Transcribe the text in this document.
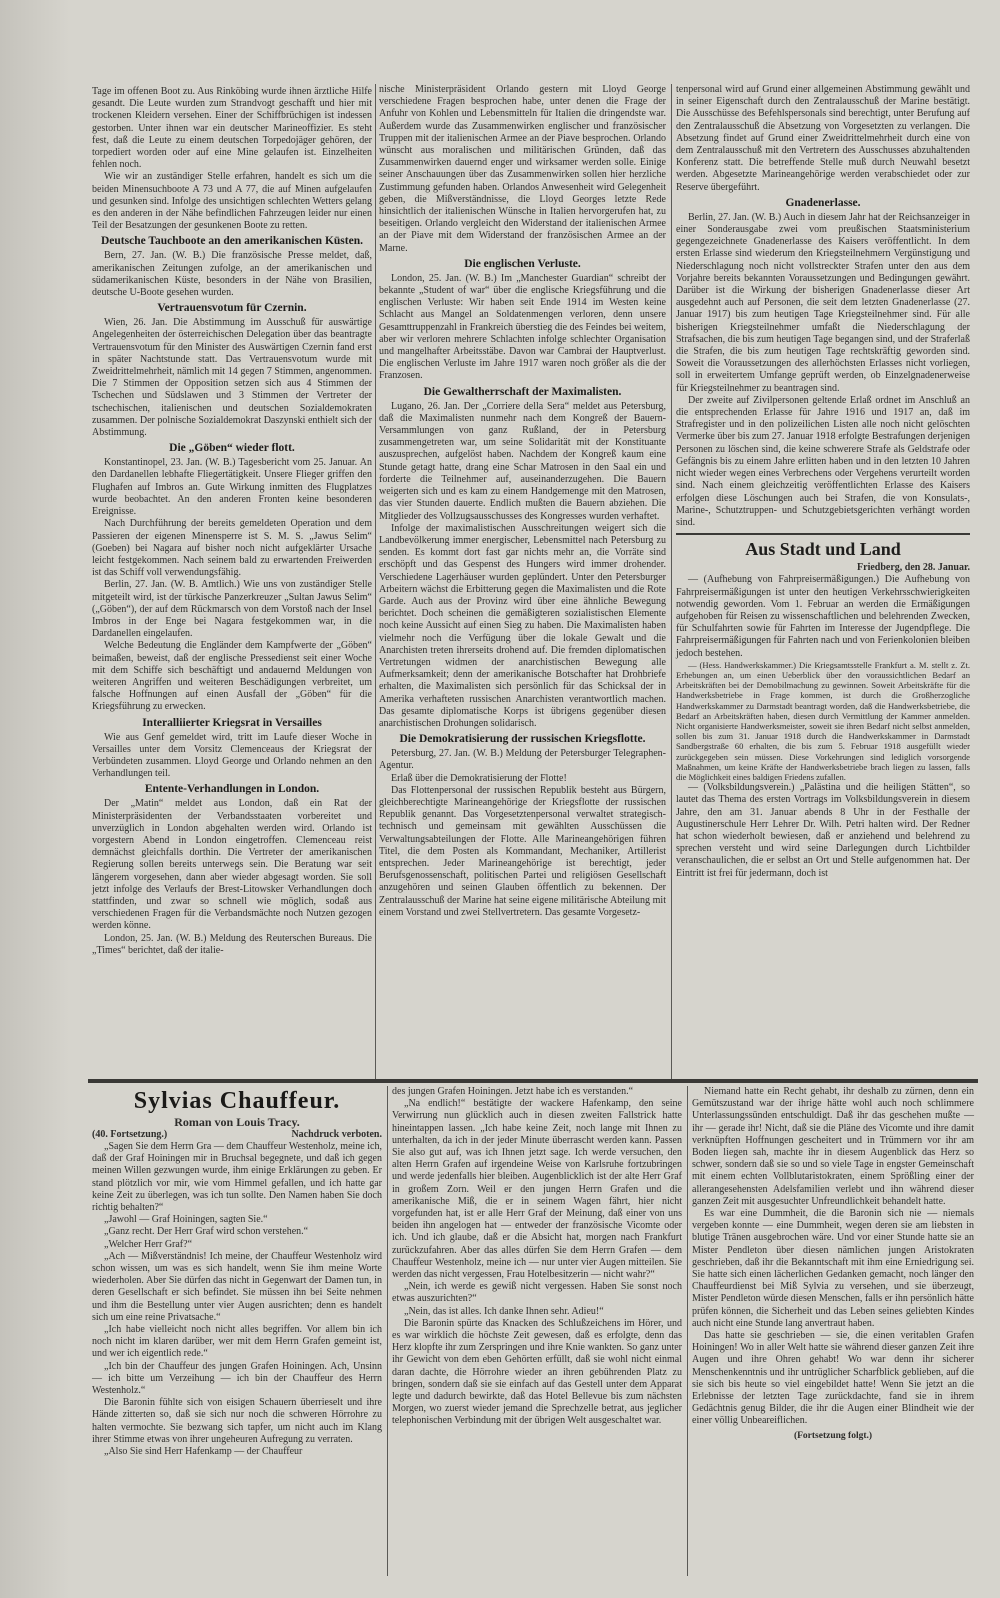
Tage im offenen Boot zu. Aus Rinköbing wurde ihnen ärztliche Hilfe gesandt. Die Leute wurden zum Strandvogt geschafft und hier mit trockenen Kleidern versehen. Einer der Schiffbrüchigen ist indessen gestorben. Unter ihnen war ein deutscher Marineoffizier. Es steht fest, daß die Leute zu einem deutschen Torpedojäger gehören, der torpediert worden oder auf eine Mine gelaufen ist. Einzelheiten fehlen noch.

Wie wir an zuständiger Stelle erfahren, handelt es sich um die beiden Minensuchboote A 73 und A 77, die auf Minen aufgelaufen und gesunken sind. Infolge des unsichtigen schlechten Wetters gelang es den anderen in der Nähe befindlichen Fahrzeugen leider nur einen Teil der Besatzungen der gesunkenen Boote zu retten.

Deutsche Tauchboote an den amerikanischen Küsten.

Bern, 27. Jan. (W. B.) Die französische Presse meldet, daß, amerikanischen Zeitungen zufolge, an der amerikanischen und südamerikanischen Küste, besonders in der Nähe von Brasilien, deutsche U-Boote gesehen wurden.

Vertrauensvotum für Czernin.

Wien, 26. Jan. Die Abstimmung im Ausschuß für auswärtige Angelegenheiten der österreichischen Delegation über das beantragte Vertrauensvotum für den Minister des Auswärtigen Czernin fand erst in später Nachtstunde statt. Das Vertrauensvotum wurde mit Zweidrittelmehrheit, nämlich mit 14 gegen 7 Stimmen, angenommen. Die 7 Stimmen der Opposition setzen sich aus 4 Stimmen der Tschechen und Südslawen und 3 Stimmen der Vertreter der tschechischen, italienischen und deutschen Sozialdemokraten zusammen. Der polnische Sozialdemokrat Daszynski enthielt sich der Abstimmung.

Die „Göben“ wieder flott.

Konstantinopel, 23. Jan. (W. B.) Tagesbericht vom 25. Januar. An den Dardanellen lebhafte Fliegertätigkeit. Unsere Flieger griffen den Flughafen auf Imbros an. Gute Wirkung inmitten des Flugplatzes wurde beobachtet. An den anderen Fronten keine besonderen Ereignisse.

Nach Durchführung der bereits gemeldeten Operation und dem Passieren der eigenen Minensperre ist S. M. S. „Jawus Selim“ (Goeben) bei Nagara auf bisher noch nicht aufgeklärter Ursache leicht festgekommen. Nach seinem bald zu erwartenden Freiwerden ist das Schiff voll verwendungsfähig.

Berlin, 27. Jan. (W. B. Amtlich.) Wie uns von zuständiger Stelle mitgeteilt wird, ist der türkische Panzerkreuzer „Sultan Jawus Selim“ („Göben“), der auf dem Rückmarsch von dem Vorstoß nach der Insel Imbros in der Enge bei Nagara festgekommen war, in die Dardanellen eingelaufen.

Welche Bedeutung die Engländer dem Kampfwerte der „Göben“ beimaßen, beweist, daß der englische Pressedienst seit einer Woche mit dem Schiffe sich beschäftigt und andauernd Meldungen von weiteren Angriffen und weiteren Beschädigungen verbreitet, um falsche Hoffnungen auf einen Ausfall der „Göben“ für die Kriegsführung zu erwecken.

Interalliierter Kriegsrat in Versailles

Wie aus Genf gemeldet wird, tritt im Laufe dieser Woche in Versailles unter dem Vorsitz Clemenceaus der Kriegsrat der Verbündeten zusammen. Lloyd George und Orlando nehmen an den Verhandlungen teil.

Entente-Verhandlungen in London.

Der „Matin“ meldet aus London, daß ein Rat der Ministerpräsidenten der Verbandsstaaten vorbereitet und unverzüglich in London abgehalten werden wird. Orlando ist vorgestern Abend in London eingetroffen. Clemenceau reist demnächst gleichfalls dorthin. Die Vertreter der amerikanischen Regierung sollen bereits unterwegs sein. Die Beratung war seit längerem vorgesehen, dann aber wieder abgesagt worden. Sie soll jetzt infolge des Verlaufs der Brest-Litowsker Verhandlungen doch stattfinden, und zwar so schnell wie möglich, sodaß aus verschiedenen Fragen für die Verbandsmächte noch Nutzen gezogen werden könne.

London, 25. Jan. (W. B.) Meldung des Reuterschen Bureaus. Die „Times“ berichtet, daß der italie-

nische Ministerpräsident Orlando gestern mit Lloyd George verschiedene Fragen besprochen habe, unter denen die Frage der Anfuhr von Kohlen und Lebensmitteln für Italien die dringendste war. Außerdem wurde das Zusammenwirken englischer und französischer Truppen mit der italienischen Armee an der Piave besprochen. Orlando wünscht aus moralischen und militärischen Gründen, daß das Zusammenwirken dauernd enger und wirksamer werden solle. Einige seiner Anschauungen über das Zusammenwirken sollen hier herzliche Zustimmung gefunden haben. Orlandos Anwesenheit wird Gelegenheit geben, die Mißverständnisse, die Lloyd Georges letzte Rede hinsichtlich der italienischen Wünsche in Italien hervorgerufen hat, zu beseitigen. Orlando vergleicht den Widerstand der italienischen Armee an der Piave mit dem Widerstand der französischen Armee an der Marne.

Die englischen Verluste.

London, 25. Jan. (W. B.) Im „Manchester Guardian“ schreibt der bekannte „Student of war“ über die englische Kriegsführung und die englischen Verluste: Wir haben seit Ende 1914 im Westen keine Schlacht aus Mangel an Soldatenmengen verloren, denn unsere Gesamttruppenzahl in Frankreich überstieg die des Feindes bei weitem, aber wir verloren mehrere Schlachten infolge schlechter Organisation und mangelhafter Arbeitsstäbe. Davon war Cambrai der Hauptverlust. Die englischen Verluste im Jahre 1917 waren noch größer als die der Franzosen.

Die Gewaltherrschaft der Maximalisten.

Lugano, 26. Jan. Der „Corriere della Sera“ meldet aus Petersburg, daß die Maximalisten nunmehr nach dem Kongreß der Bauern-Versammlungen von ganz Rußland, der in Petersburg zusammengetreten war, um seine Solidarität mit der Konstituante auszusprechen, aufgelöst haben. Nachdem der Kongreß kaum eine Stunde getagt hatte, drang eine Schar Matrosen in den Saal ein und forderte die Teilnehmer auf, auseinanderzugehen. Die Bauern weigerten sich und es kam zu einem Handgemenge mit den Matrosen, das vier Stunden dauerte. Endlich mußten die Bauern abziehen. Die Mitglieder des Vollzugsausschusses des Kongresses wurden verhaftet.

Infolge der maximalistischen Ausschreitungen weigert sich die Landbevölkerung immer energischer, Lebensmittel nach Petersburg zu senden. Es kommt dort fast gar nichts mehr an, die Vorräte sind erschöpft und das Gespenst des Hungers wird immer drohender. Verschiedene Lagerhäuser wurden geplündert. Unter den Petersburger Arbeitern wächst die Erbitterung gegen die Maximalisten und die Rote Garde. Auch aus der Provinz wird über eine ähnliche Bewegung berichtet. Doch scheinen die gemäßigteren sozialistischen Elemente noch keine Aussicht auf einen Sieg zu haben. Die Maximalisten haben vielmehr noch die Verfügung über die lokale Gewalt und die Anarchisten treten ihrerseits drohend auf. Die fremden diplomatischen Vertretungen widmen der anarchistischen Bewegung alle Aufmerksamkeit; denn der amerikanische Botschafter hat Drohbriefe erhalten, die Maximalisten sich persönlich für das Schicksal der in Amerika verhafteten russischen Anarchisten verantwortlich machen. Das gesamte diplomatische Korps ist übrigens gegenüber diesen anarchistischen Drohungen solidarisch.

Die Demokratisierung der russischen Kriegsflotte.

Petersburg, 27. Jan. (W. B.) Meldung der Petersburger Telegraphen-Agentur.

Erlaß über die Demokratisierung der Flotte!

Das Flottenpersonal der russischen Republik besteht aus Bürgern, gleichberechtigte Marineangehörige der Kriegsflotte der russischen Republik genannt. Das Vorgesetztenpersonal verwaltet strategisch-technisch und gemeinsam mit gewählten Ausschüssen die Verwaltungsabteilungen der Flotte. Alle Marineangehörigen führen Titel, die dem Posten als Kommandant, Mechaniker, Artillerist entsprechen. Jeder Marineangehörige ist berechtigt, jeder Berufsgenossenschaft, politischen Partei und religiösen Gesellschaft anzugehören und seinen Glauben öffentlich zu bekennen. Der Zentralausschuß der Marine hat seine eigene militärische Abteilung mit einem Vorstand und zwei Stellvertretern. Das gesamte Vorgesetz-

tenpersonal wird auf Grund einer allgemeinen Abstimmung gewählt und in seiner Eigenschaft durch den Zentralausschuß der Marine bestätigt. Die Ausschüsse des Befehlspersonals sind berechtigt, unter Berufung auf den Zentralausschuß die Absetzung von Vorgesetzten zu verlangen. Die Absetzung findet auf Grund einer Zweidrittelmehrheit durch eine von dem Zentralausschuß mit den Vertretern des Ausschusses abzuhaltenden Konferenz statt. Die betreffende Stelle muß durch Neuwahl besetzt werden. Abgesetzte Marineangehörige werden verabschiedet oder zur Reserve übergeführt.

Gnadenerlasse.

Berlin, 27. Jan. (W. B.) Auch in diesem Jahr hat der Reichsanzeiger in einer Sonderausgabe zwei vom preußischen Staatsministerium gegengezeichnete Gnadenerlasse des Kaisers veröffentlicht. In dem ersten Erlasse sind wiederum den Kriegsteilnehmern Vergünstigung und Niederschlagung noch nicht vollstreckter Strafen unter den aus dem Vorjahre bereits bekannten Voraussetzungen und Bedingungen gewährt. Darüber ist die Wirkung der bisherigen Gnadenerlasse dieser Art ausgedehnt auch auf Personen, die seit dem letzten Gnadenerlasse (27. Januar 1917) bis zum heutigen Tage Kriegsteilnehmer sind. Für alle bisherigen Kriegsteilnehmer umfaßt die Niederschlagung der Strafsachen, die bis zum heutigen Tage begangen sind, und der Straferlaß die Strafen, die bis zum heutigen Tage rechtskräftig geworden sind. Soweit die Voraussetzungen des allerhöchsten Erlasses nicht vorliegen, soll in erweitertem Umfange geprüft werden, ob Einzelgnadenerweise für Kriegsteilnehmer zu beantragen sind.

Der zweite auf Zivilpersonen geltende Erlaß ordnet im Anschluß an die entsprechenden Erlasse für Jahre 1916 und 1917 an, daß im Strafregister und in den polizeilichen Listen alle noch nicht gelöschten Vermerke über bis zum 27. Januar 1918 erfolgte Bestrafungen derjenigen Personen zu löschen sind, die keine schwerere Strafe als Geldstrafe oder Gefängnis bis zu einem Jahre erlitten haben und in den letzten 10 Jahren nicht wieder wegen eines Verbrechens oder Vergehens verurteilt worden sind. Nach einem gleichzeitig veröffentlichten Erlasse des Kaisers erfolgen diese Löschungen auch bei Strafen, die von Konsulats-, Marine-, Schutztruppen- und Schutzgebietsgerichten verhängt worden sind.

Aus Stadt und Land
Friedberg, den 28. Januar.

— (Aufhebung von Fahrpreisermäßigungen.) Die Aufhebung von Fahrpreisermäßigungen ist unter den heutigen Verkehrsschwierigkeiten notwendig geworden. Vom 1. Februar an werden die Ermäßigungen aufgehoben für Reisen zu wissenschaftlichen und belehrenden Zwecken, für Schulfahrten sowie für Fahrten im Interesse der Jugendpflege. Die Fahrpreisermäßigungen für Fahrten nach und von Ferienkolonien bleiben jedoch bestehen.

— (Hess. Handwerkskammer.) Die Kriegsamtsstelle Frankfurt a. M. stellt z. Zt. Erhebungen an, um einen Ueberblick über den voraussichtlichen Bedarf an Arbeitskräften bei der Demobilmachung zu gewinnen. Soweit Arbeitskräfte für die Handwerksbetriebe in Frage kommen, ist durch die Großherzogliche Handwerkskammer zu Darmstadt beantragt worden, daß die Handwerksbetriebe, die Bedarf an Arbeitskräften haben, diesen durch Vermittlung der Kammer anmelden. Nicht organisierte Handwerksmeister, soweit sie ihren Bedarf nicht selbst anmelden, sollen bis zum 31. Januar 1918 durch die Handwerkskammer in Darmstadt Sandbergstraße 60 erhalten, die bis zum 5. Februar 1918 ausgefüllt wieder zurückgegeben sein müssen. Diese Vorkehrungen sind lediglich vorsorgende Maßnahmen, um keine Kräfte der Handwerksbetriebe brach liegen zu lassen, falls die Möglichkeit eines baldigen Friedens zufallen.

— (Volksbildungsverein.) „Palästina und die heiligen Stätten“, so lautet das Thema des ersten Vortrags im Volksbildungsverein in diesem Jahre, den am 31. Januar abends 8 Uhr in der Festhalle der Augustinerschule Herr Lehrer Dr. Wilh. Petri halten wird. Der Redner hat schon wiederholt bewiesen, daß er anziehend und belehrend zu sprechen versteht und wird seine Darlegungen durch Lichtbilder veranschaulichen, die er selbst an Ort und Stelle aufgenommen hat. Der Eintritt ist frei für jedermann, doch ist

Sylvias Chauffeur.
Roman von Louis Tracy.
(40. Fortsetzung.)	Nachdruck verboten.

„Sagen Sie dem Herrn Gra — dem Chauffeur Westenholz, meine ich, daß der Graf Hoiningen mir in Bruchsal begegnete, und daß ich gegen meinen Willen gezwungen wurde, ihm einige Erklärungen zu geben. Er stand plötzlich vor mir, wie vom Himmel gefallen, und ich hatte gar keine Zeit zu überlegen, was ich tun sollte. Den Namen haben Sie doch richtig behalten?“

„Jawohl — Graf Hoiningen, sagten Sie.“

„Ganz recht. Der Herr Graf wird schon verstehen.“

„Welcher Herr Graf?“

„Ach — Mißverständnis! Ich meine, der Chauffeur Westenholz wird schon wissen, um was es sich handelt, wenn Sie ihm meine Worte wiederholen. Aber Sie dürfen das nicht in Gegenwart der Damen tun, in deren Gesellschaft er sich befindet. Sie müssen ihn bei Seite nehmen und ihm die Bestellung unter vier Augen ausrichten; denn es handelt sich um eine reine Privatsache.“

„Ich habe vielleicht noch nicht alles begriffen. Vor allem bin ich noch nicht im klaren darüber, wer mit dem Herrn Grafen gemeint ist, und wer ich eigentlich rede.“

„Ich bin der Chauffeur des jungen Grafen Hoiningen. Ach, Unsinn — ich bitte um Verzeihung — ich bin der Chauffeur des Herrn Westenholz.“

Die Baronin fühlte sich von eisigen Schauern überrieselt und ihre Hände zitterten so, daß sie sich nur noch die schweren Hörrohre zu halten vermochte. Sie bezwang sich tapfer, um nicht auch im Klang ihrer Stimme etwas von ihrer ungeheuren Aufregung zu verraten.

„Also Sie sind Herr Hafenkamp — der Chauffeur

des jungen Grafen Hoiningen. Jetzt habe ich es verstanden.“

„Na endlich!“ bestätigte der wackere Hafenkamp, den seine Verwirrung nun glücklich auch in diesen zweiten Fallstrick hatte hineintappen lassen. „Ich habe keine Zeit, noch lange mit Ihnen zu unterhalten, da ich in der jeder Minute überrascht werden kann. Passen Sie also gut auf, was ich Ihnen jetzt sage. Ich werde versuchen, den alten Herrn Grafen auf irgendeine Weise von Karlsruhe fortzubringen und werde jedenfalls hier bleiben. Augenblicklich ist der alte Herr Graf in großem Zorn. Weil er den jungen Herrn Grafen und die amerikanische Miß, die er in seinem Wagen fährt, hier nicht vorgefunden hat, ist er alle Herr Graf der Meinung, daß einer von uns beiden ihn angelogen hat — entweder der französische Vicomte oder ich. Und ich glaube, daß er die Absicht hat, morgen nach Frankfurt zurückzufahren. Aber das alles dürfen Sie dem Herrn Grafen — dem Chauffeur Westenholz, meine ich — nur unter vier Augen mitteilen. Sie werden das nicht vergessen, Frau Hotelbesitzerin — nicht wahr?“

„Nein, ich werde es gewiß nicht vergessen. Haben Sie sonst noch etwas auszurichten?“

„Nein, das ist alles. Ich danke Ihnen sehr. Adieu!“

Die Baronin spürte das Knacken des Schlußzeichens im Hörer, und es war wirklich die höchste Zeit gewesen, daß es erfolgte, denn das Herz klopfte ihr zum Zerspringen und ihre Knie wankten. So ganz unter ihr Gewicht von dem eben Gehörten erfüllt, daß sie wohl nicht einmal daran dachte, die Hörrohre wieder an ihren gebührenden Platz zu bringen, sondern daß sie sie einfach auf das Gestell unter dem Apparat legte und dadurch bewirkte, daß das Hotel Bellevue bis zum nächsten Morgen, wo zuerst wieder jemand die Sprechzelle betrat, aus jeglicher telephonischen Verbindung mit der übrigen Welt ausgeschaltet war.

Niemand hatte ein Recht gehabt, ihr deshalb zu zürnen, denn ein Gemütszustand war der ihrige hätte wohl auch noch schlimmere Unterlassungssünden entschuldigt. Daß ihr das geschehen mußte — ihr — gerade ihr! Nicht, daß sie die Pläne des Vicomte und ihre damit verknüpften Hoffnungen gescheitert und in Trümmern vor ihr am Boden liegen sah, machte ihr in diesem Augenblick das Herz so schwer, sondern daß sie so und so viele Tage in engster Gemeinschaft mit einem echten Vollblutaristokraten, einem Sprößling einer der allerangesehensten Adelsfamilien verlebt und ihn während dieser ganzen Zeit mit ausgesuchter Unfreundlichkeit behandelt hatte.

Es war eine Dummheit, die die Baronin sich nie — niemals vergeben konnte — eine Dummheit, wegen deren sie am liebsten in blutige Tränen ausgebrochen wäre. Und vor einer Stunde hatte sie an Mister Pendleton über diesen nämlichen jungen Aristokraten geschrieben, daß ihr die Bekanntschaft mit ihm eine Erniedrigung sei. Sie hatte sich einen lächerlichen Gedanken gemacht, noch länger den Chauffeurdienst bei Miß Sylvia zu versehen, und sie überzeugt, Mister Pendleton würde diesen Menschen, falls er ihn persönlich hätte prüfen können, die Sicherheit und das Leben seines geliebten Kindes auch nicht eine Stunde lang anvertraut haben.

Das hatte sie geschrieben — sie, die einen veritablen Grafen Hoiningen! Wo in aller Welt hatte sie während dieser ganzen Zeit ihre Augen und ihre Ohren gehabt! Wo war denn ihr sicherer Menschenkenntnis und ihr untrüglicher Scharfblick geblieben, auf die sie sich bis heute so viel eingebildet hatte! Wenn Sie jetzt an die Erlebnisse der letzten Tage zurückdachte, fand sie in ihrem Gedächtnis genug Bilder, die ihr die Augen einer Blindheit wie der einer völlig Unbeareiflichen.

(Fortsetzung folgt.)
